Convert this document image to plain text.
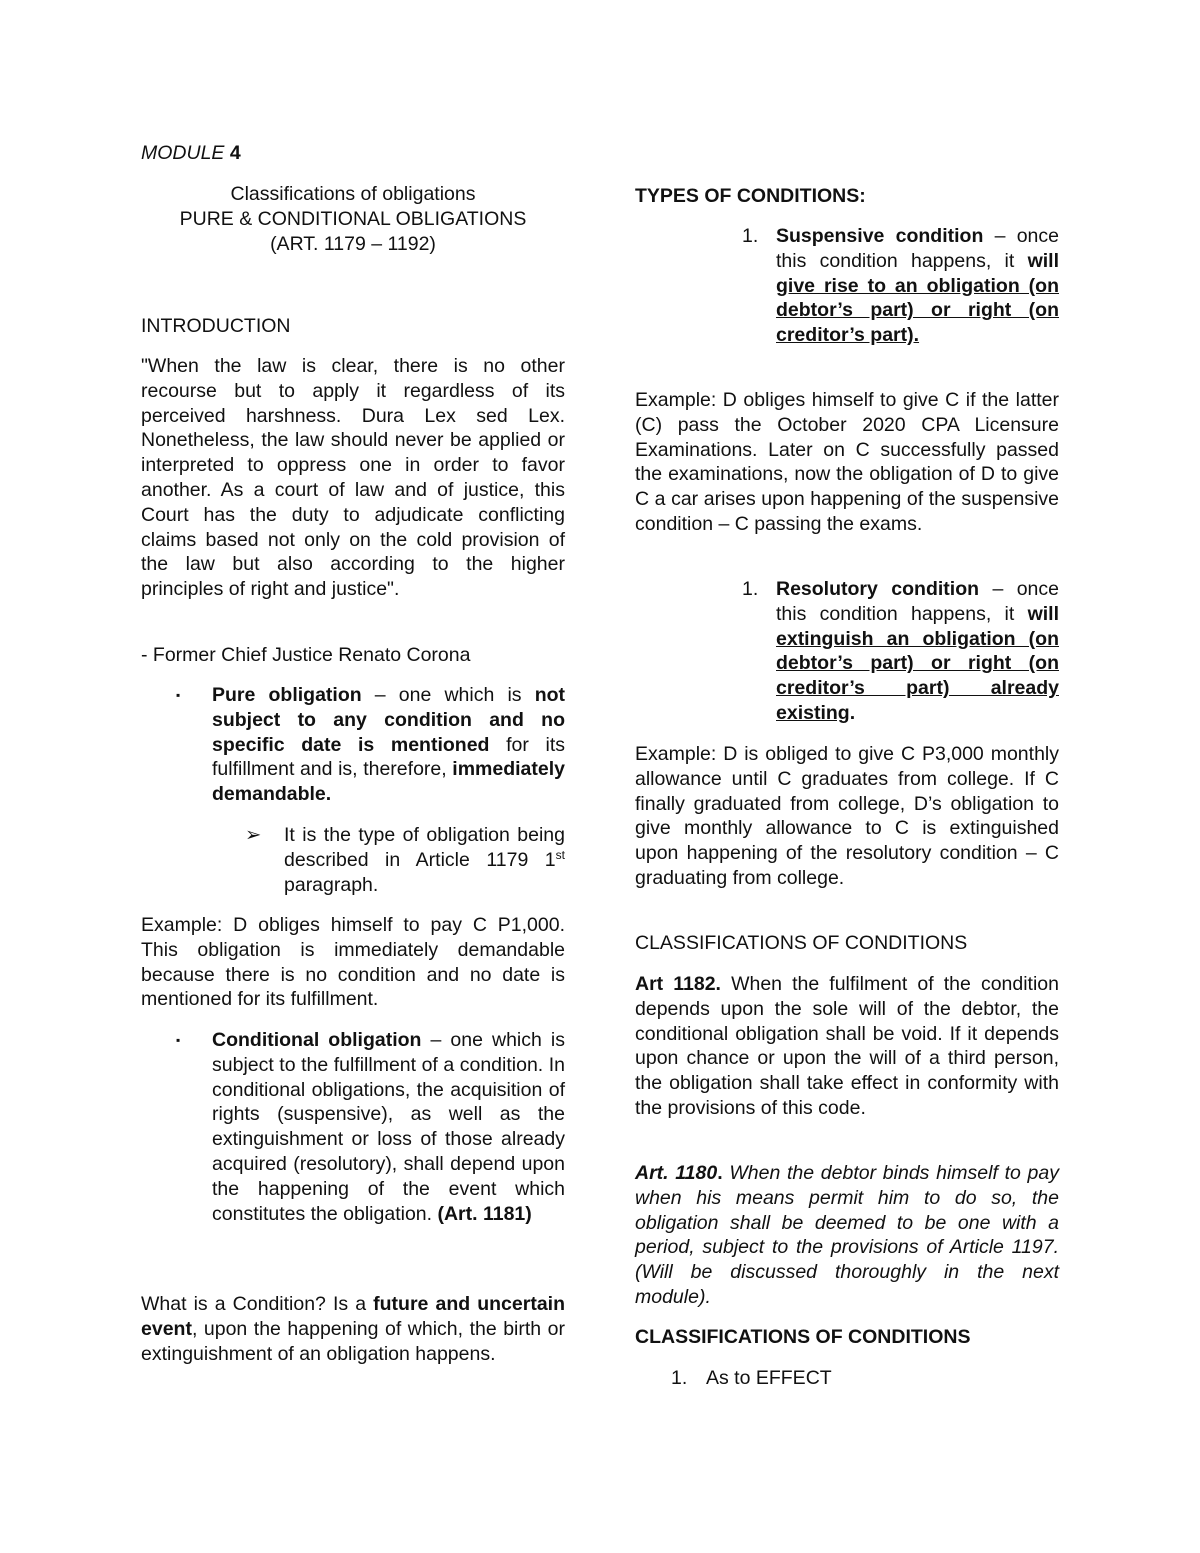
MODULE 4

Classifications of obligations

PURE & CONDITIONAL OBLIGATIONS

(ART. 1179 – 1192)

INTRODUCTION

"When the law is clear, there is no other recourse but to apply it regardless of its perceived harshness. Dura Lex sed Lex. Nonetheless, the law should never be applied or interpreted to oppress one in order to favor another. As a court of law and of justice, this Court has the duty to adjudicate conflicting claims based not only on the cold provision of the law but also according to the higher principles of right and justice".

- Former Chief Justice Renato Corona

▪ Pure obligation – one which is not subject to any condition and no specific date is mentioned for its fulfillment and is, therefore, immediately demandable.

➢ It is the type of obligation being described in Article 1179 1st paragraph.

Example: D obliges himself to pay C P1,000. This obligation is immediately demandable because there is no condition and no date is mentioned for its fulfillment.

▪ Conditional obligation – one which is subject to the fulfillment of a condition. In conditional obligations, the acquisition of rights (suspensive), as well as the extinguishment or loss of those already acquired (resolutory), shall depend upon the happening of the event which constitutes the obligation. (Art. 1181)

What is a Condition? Is a future and uncertain event, upon the happening of which, the birth or extinguishment of an obligation happens.

TYPES OF CONDITIONS:

1. Suspensive condition – once this condition happens, it will give rise to an obligation (on debtor’s part) or right (on creditor’s part).

Example: D obliges himself to give C if the latter (C) pass the October 2020 CPA Licensure Examinations. Later on C successfully passed the examinations, now the obligation of D to give C a car arises upon happening of the suspensive condition – C passing the exams.

1. Resolutory condition – once this condition happens, it will extinguish an obligation (on debtor’s part) or right (on creditor’s part) already existing.

Example: D is obliged to give C P3,000 monthly allowance until C graduates from college. If C finally graduated from college, D’s obligation to give monthly allowance to C is extinguished upon happening of the resolutory condition – C graduating from college.

CLASSIFICATIONS OF CONDITIONS

Art 1182. When the fulfilment of the condition depends upon the sole will of the debtor, the conditional obligation shall be void. If it depends upon chance or upon the will of a third person, the obligation shall take effect in conformity with the provisions of this code.

Art. 1180. When the debtor binds himself to pay when his means permit him to do so, the obligation shall be deemed to be one with a period, subject to the provisions of Article 1197. (Will be discussed thoroughly in the next module).

CLASSIFICATIONS OF CONDITIONS

1. As to EFFECT
